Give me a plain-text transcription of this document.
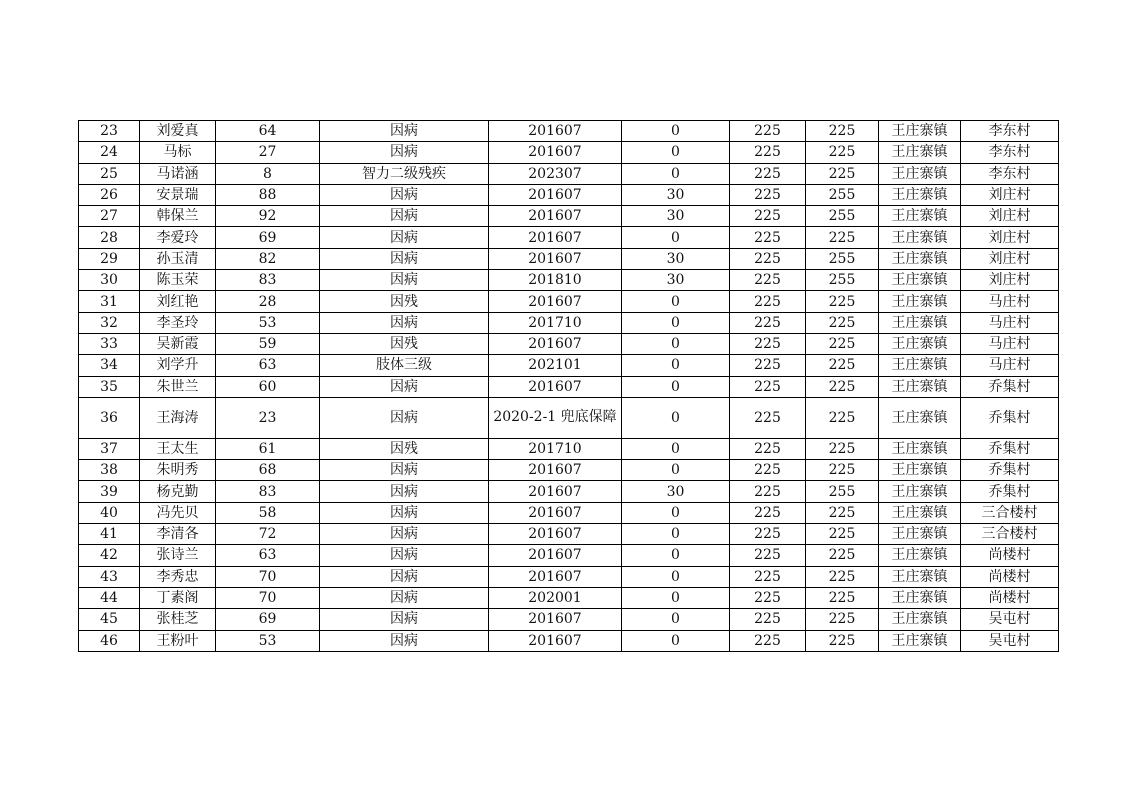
23	刘爱真	64	因病	201607	0	225	225	王庄寨镇	李东村
24	马标	27	因病	201607	0	225	225	王庄寨镇	李东村
25	马诺涵	8	智力二级残疾	202307	0	225	225	王庄寨镇	李东村
26	安景瑞	88	因病	201607	30	225	255	王庄寨镇	刘庄村
27	韩保兰	92	因病	201607	30	225	255	王庄寨镇	刘庄村
28	李爱玲	69	因病	201607	0	225	225	王庄寨镇	刘庄村
29	孙玉清	82	因病	201607	30	225	255	王庄寨镇	刘庄村
30	陈玉荣	83	因病	201810	30	225	255	王庄寨镇	刘庄村
31	刘红艳	28	因残	201607	0	225	225	王庄寨镇	马庄村
32	李圣玲	53	因病	201710	0	225	225	王庄寨镇	马庄村
33	吴新霞	59	因残	201607	0	225	225	王庄寨镇	马庄村
34	刘学升	63	肢体三级	202101	0	225	225	王庄寨镇	马庄村
35	朱世兰	60	因病	201607	0	225	225	王庄寨镇	乔集村
36	王海涛	23	因病	2020-2-1 兜底保障	0	225	225	王庄寨镇	乔集村
37	王太生	61	因残	201710	0	225	225	王庄寨镇	乔集村
38	朱明秀	68	因病	201607	0	225	225	王庄寨镇	乔集村
39	杨克勤	83	因病	201607	30	225	255	王庄寨镇	乔集村
40	冯先贝	58	因病	201607	0	225	225	王庄寨镇	三合楼村
41	李清各	72	因病	201607	0	225	225	王庄寨镇	三合楼村
42	张诗兰	63	因病	201607	0	225	225	王庄寨镇	尚楼村
43	李秀忠	70	因病	201607	0	225	225	王庄寨镇	尚楼村
44	丁素阁	70	因病	202001	0	225	225	王庄寨镇	尚楼村
45	张桂芝	69	因病	201607	0	225	225	王庄寨镇	吴屯村
46	王粉叶	53	因病	201607	0	225	225	王庄寨镇	吴屯村
